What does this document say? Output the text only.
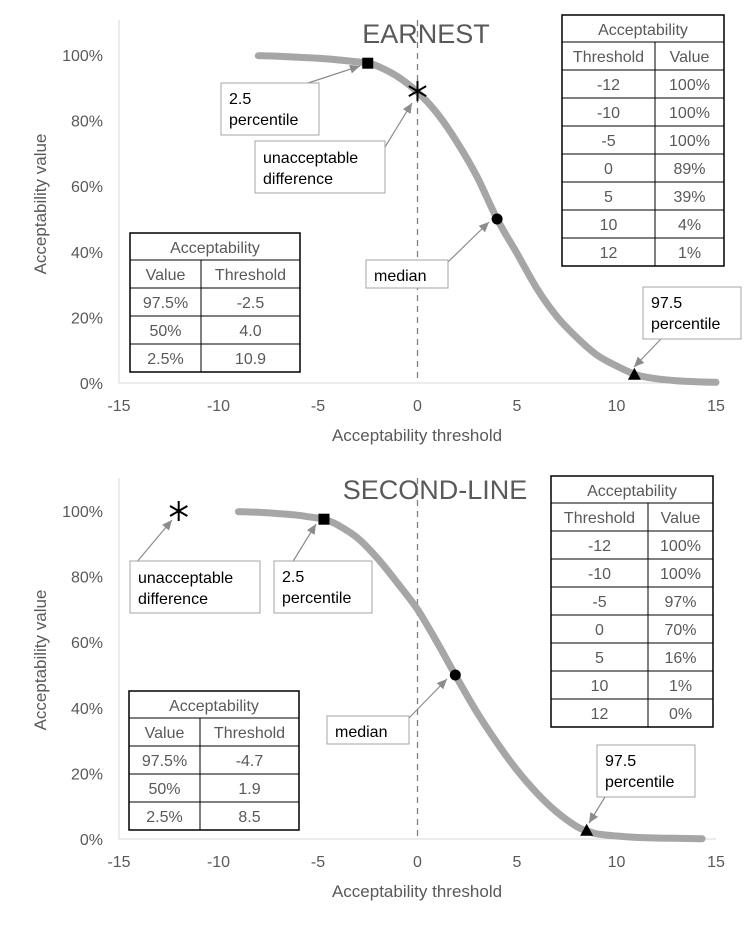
-15	-10	-5	0	5	10	15
0%
20%
40%
60%
80%
100%
Acceptability threshold
Acceptability value
EARNEST
2.5 percentile
unacceptable difference
median
97.5 percentile
Acceptability
Threshold Value
-12	100%
-10	100%
-5	100%
0	89%
5	39%
10	4%
12	1%
Acceptability
Value Threshold
97.5%	-2.5
50%	4.0
2.5%	10.9
-15	-10	-5	0	5	10	15
0%
20%
40%
60%
80%
100%
Acceptability threshold
Acceptability value
SECOND-LINE
2.5 percentile
unacceptable difference
median
97.5 percentile
Acceptability
Threshold Value
-12	100%
-10	100%
-5	97%
0	70%
5	16%
10	1%
12	0%
Acceptability
Value Threshold
97.5%	-4.7
50%	1.9
2.5%	8.5
